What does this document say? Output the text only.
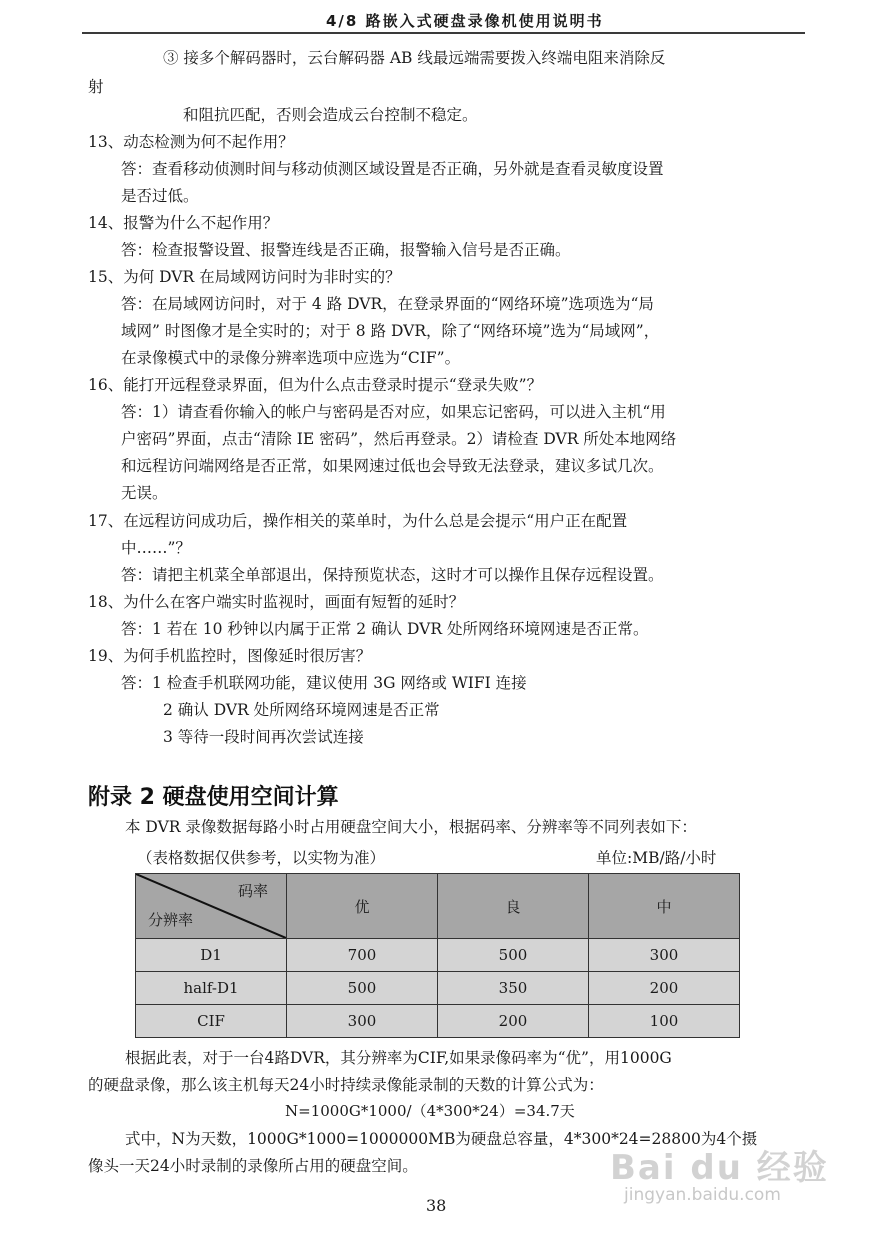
4/8 路嵌入式硬盘录像机使用说明书
③ 接多个解码器时，云台解码器 AB 线最远端需要拨入终端电阻来消除反
射
和阻抗匹配，否则会造成云台控制不稳定。
13、动态检测为何不起作用？
答：查看移动侦测时间与移动侦测区域设置是否正确，另外就是查看灵敏度设置
是否过低。
14、报警为什么不起作用？
答：检查报警设置、报警连线是否正确，报警输入信号是否正确。
15、为何 DVR 在局域网访问时为非时实的？
答：在局域网访问时，对于 4 路 DVR，在登录界面的“网络环境”选项选为“局
域网” 时图像才是全实时的；对于 8 路 DVR，除了“网络环境”选为“局域网”，
在录像模式中的录像分辨率选项中应选为“CIF”。
16、能打开远程登录界面，但为什么点击登录时提示“登录失败”？
答：1）请查看你输入的帐户与密码是否对应，如果忘记密码，可以进入主机“用
户密码”界面，点击“清除 IE 密码”，然后再登录。2）请检查 DVR 所处本地网络
和远程访问端网络是否正常，如果网速过低也会导致无法登录，建议多试几次。
无误。
17、在远程访问成功后，操作相关的菜单时，为什么总是会提示“用户正在配置
中……”？
答：请把主机菜全单部退出，保持预览状态，这时才可以操作且保存远程设置。
18、为什么在客户端实时监视时，画面有短暂的延时？
答：1 若在 10 秒钟以内属于正常 2 确认 DVR 处所网络环境网速是否正常。
19、为何手机监控时，图像延时很厉害？
答：1 检查手机联网功能，建议使用 3G 网络或 WIFI 连接
2 确认 DVR 处所网络环境网速是否正常
3 等待一段时间再次尝试连接
附录 2 硬盘使用空间计算
本 DVR 录像数据每路小时占用硬盘空间大小，根据码率、分辨率等不同列表如下：
（表格数据仅供参考，以实物为准）	单位:MB/路/小时
码率
分辨率	优	良	中
D1	700	500	300
half-D1	500	350	200
CIF	300	200	100
根据此表，对于一台4路DVR，其分辨率为CIF,如果录像码率为“优”，用1000G
的硬盘录像，那么该主机每天24小时持续录像能录制的天数的计算公式为：
N=1000G*1000/（4*300*24）=34.7天
式中，N为天数，1000G*1000=1000000MB为硬盘总容量，4*300*24=28800为4个摄
像头一天24小时录制的录像所占用的硬盘空间。
38
Bai du 经验
jingyan.baidu.com
